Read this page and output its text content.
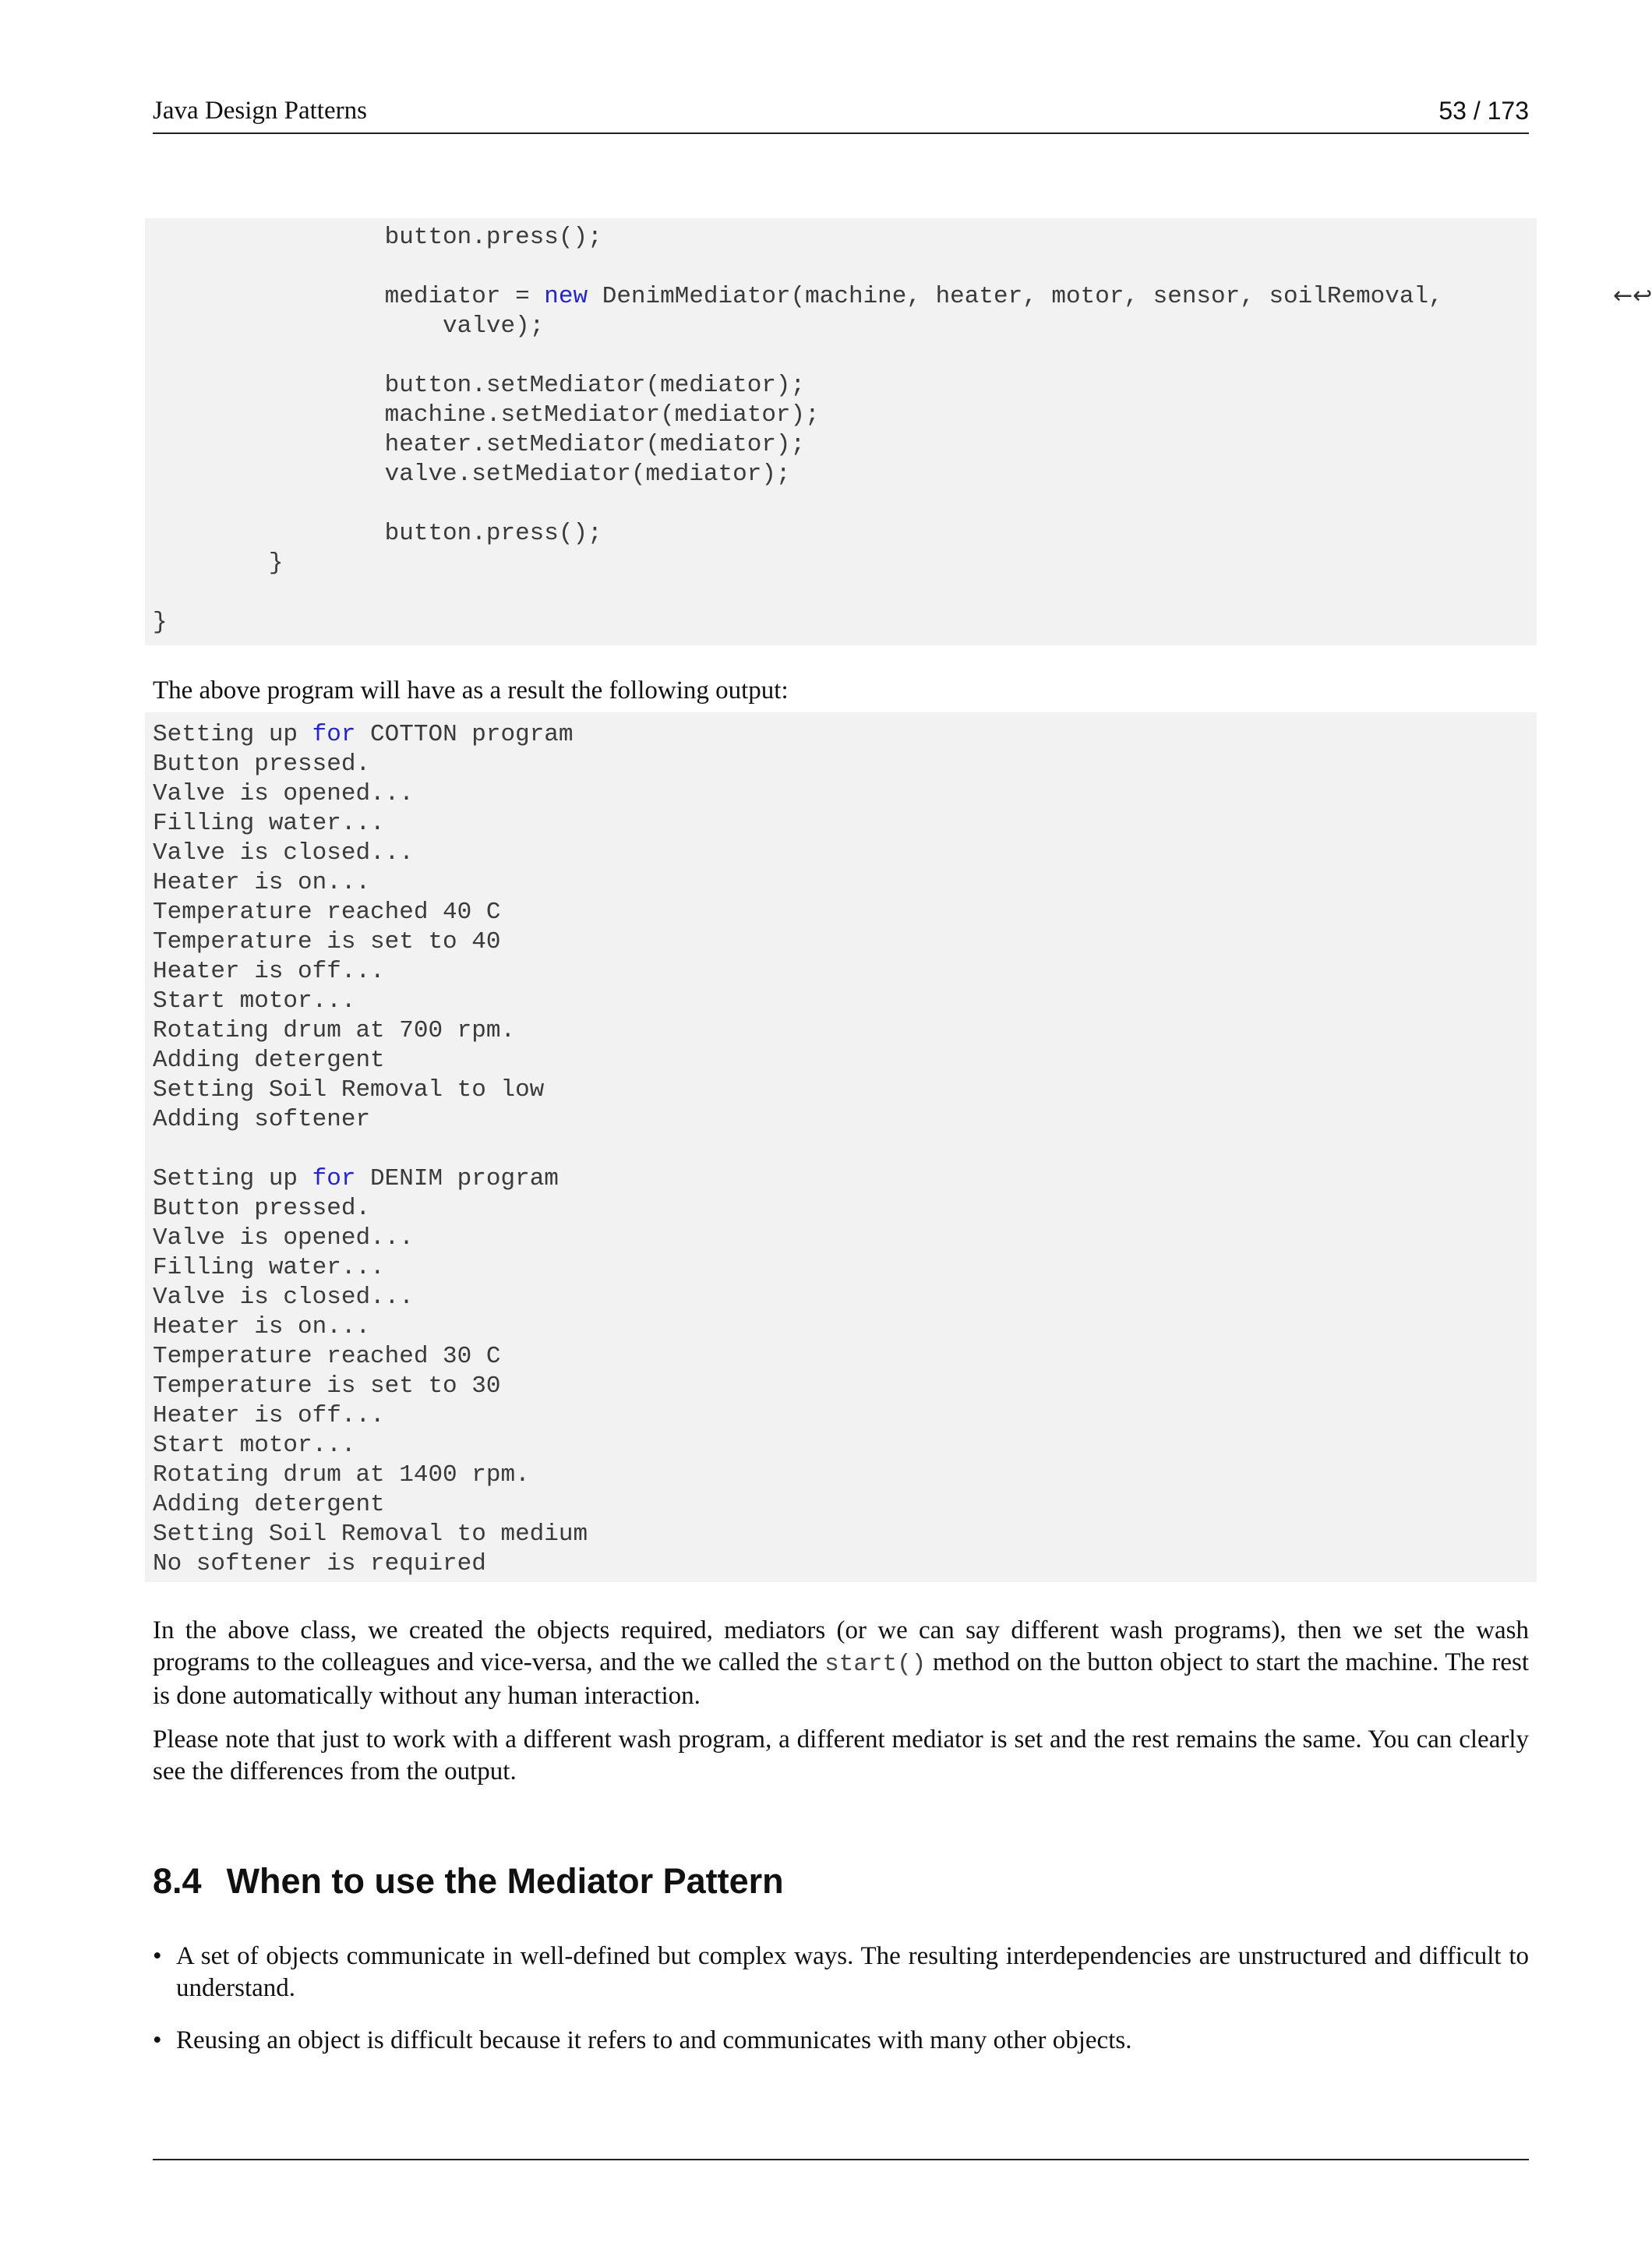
Java Design Patterns	53 / 173
button.press();

mediator = new DenimMediator(machine, heater, motor, sensor, soilRemoval,
valve);

button.setMediator(mediator);
machine.setMediator(mediator);
heater.setMediator(mediator);
valve.setMediator(mediator);

button.press();
}

}
←↩
The above program will have as a result the following output:
Setting up for COTTON program
Button pressed.
Valve is opened...
Filling water...
Valve is closed...
Heater is on...
Temperature reached 40 C
Temperature is set to 40
Heater is off...
Start motor...
Rotating drum at 700 rpm.
Adding detergent
Setting Soil Removal to low
Adding softener

Setting up for DENIM program
Button pressed.
Valve is opened...
Filling water...
Valve is closed...
Heater is on...
Temperature reached 30 C
Temperature is set to 30
Heater is off...
Start motor...
Rotating drum at 1400 rpm.
Adding detergent
Setting Soil Removal to medium
No softener is required
In the above class, we created the objects required, mediators (or we can say different wash programs), then we set the wash programs to the colleagues and vice-versa, and the we called the start() method on the button object to start the machine. The rest is done automatically without any human interaction.
Please note that just to work with a different wash program, a different mediator is set and the rest remains the same. You can clearly see the differences from the output.
8.4 When to use the Mediator Pattern
• A set of objects communicate in well-defined but complex ways. The resulting interdependencies are unstructured and difficult to understand.
• Reusing an object is difficult because it refers to and communicates with many other objects.
